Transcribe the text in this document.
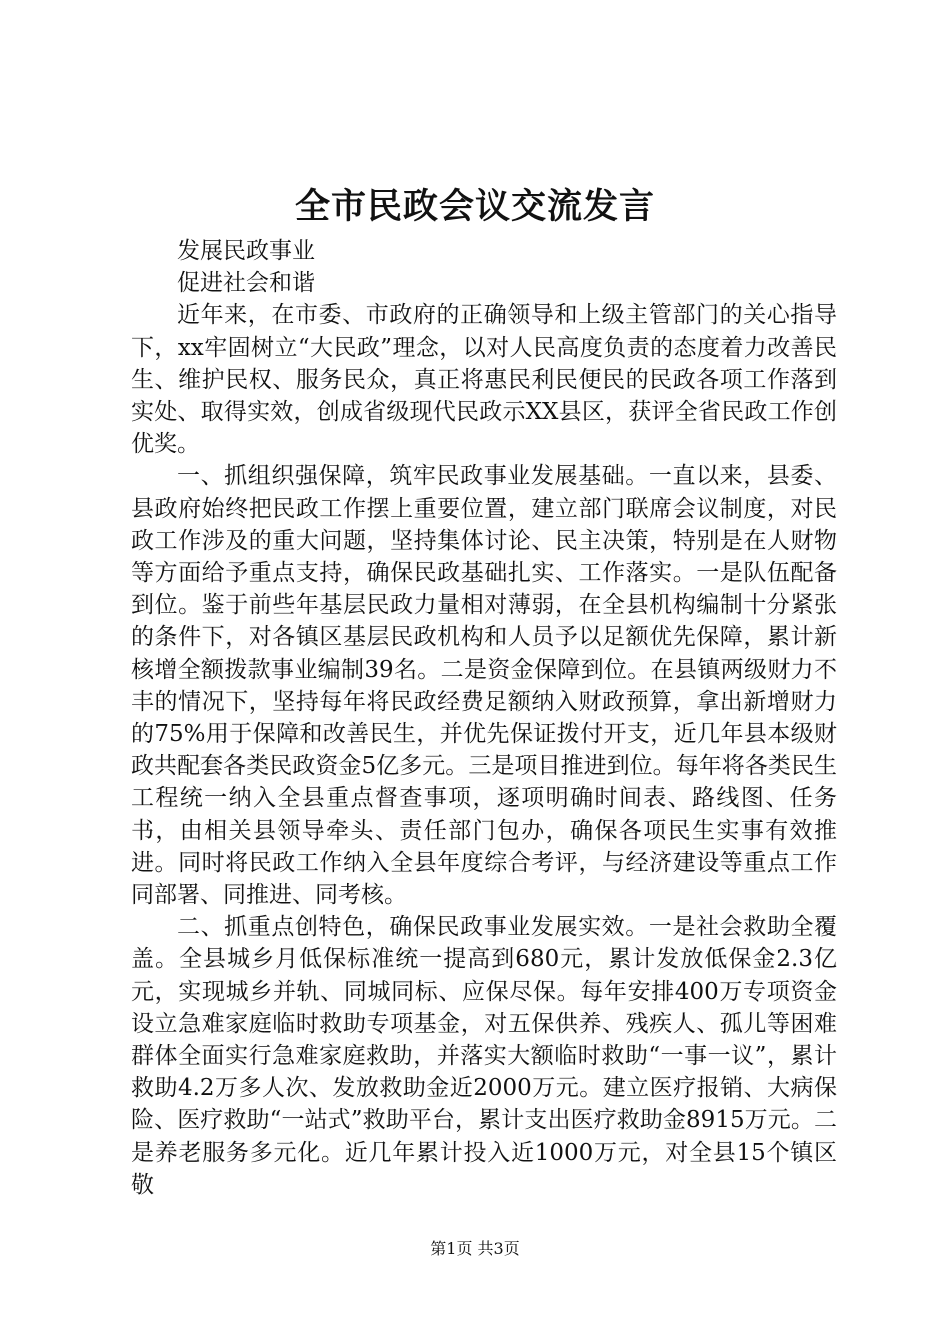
全市民政会议交流发言

发展民政事业

促进社会和谐

近年来，在市委、市政府的正确领导和上级主管部门的关心指导下，xx牢固树立“大民政”理念，以对人民高度负责的态度着力改善民生、维护民权、服务民众，真正将惠民利民便民的民政各项工作落到实处、取得实效，创成省级现代民政示XX县区，获评全省民政工作创优奖。

一、抓组织强保障，筑牢民政事业发展基础。一直以来，县委、县政府始终把民政工作摆上重要位置，建立部门联席会议制度，对民政工作涉及的重大问题，坚持集体讨论、民主决策，特别是在人财物等方面给予重点支持，确保民政基础扎实、工作落实。一是队伍配备到位。鉴于前些年基层民政力量相对薄弱，在全县机构编制十分紧张的条件下，对各镇区基层民政机构和人员予以足额优先保障，累计新核增全额拨款事业编制39名。二是资金保障到位。在县镇两级财力不丰的情况下，坚持每年将民政经费足额纳入财政预算，拿出新增财力的75%用于保障和改善民生，并优先保证拨付开支，近几年县本级财政共配套各类民政资金5亿多元。三是项目推进到位。每年将各类民生工程统一纳入全县重点督查事项，逐项明确时间表、路线图、任务书，由相关县领导牵头、责任部门包办，确保各项民生实事有效推进。同时将民政工作纳入全县年度综合考评，与经济建设等重点工作同部署、同推进、同考核。

二、抓重点创特色，确保民政事业发展实效。一是社会救助全覆盖。全县城乡月低保标准统一提高到680元，累计发放低保金2.3亿元，实现城乡并轨、同城同标、应保尽保。每年安排400万专项资金设立急难家庭临时救助专项基金，对五保供养、残疾人、孤儿等困难群体全面实行急难家庭救助，并落实大额临时救助“一事一议”，累计救助4.2万多人次、发放救助金近2000万元。建立医疗报销、大病保险、医疗救助“一站式”救助平台，累计支出医疗救助金8915万元。二是养老服务多元化。近几年累计投入近1000万元，对全县15个镇区敬

第1页 共3页
